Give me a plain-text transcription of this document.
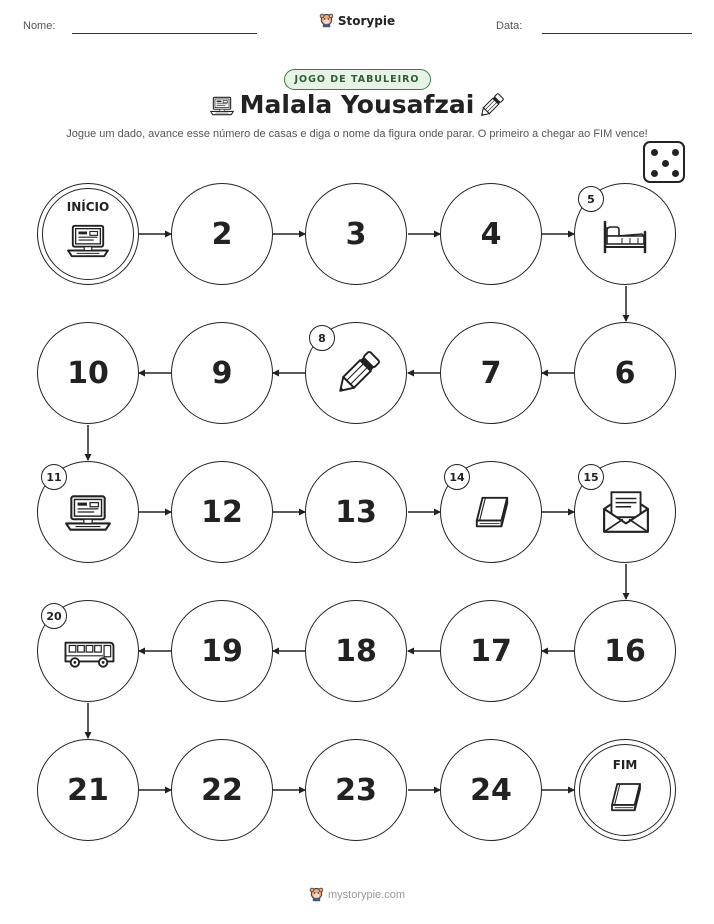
Nome:	Storypie	Data:
JOGO DE TABULEIRO
Malala Yousafzai
Jogue um dado, avance esse número de casas e diga o nome da figura onde parar. O primeiro a chegar ao FIM vence!
INÍCIO
2	3	4
5
10	9
8
7	6
11
12	13
14	15
20
19	18	17	16
21	22	23	24
FIM
mystorypie.com
